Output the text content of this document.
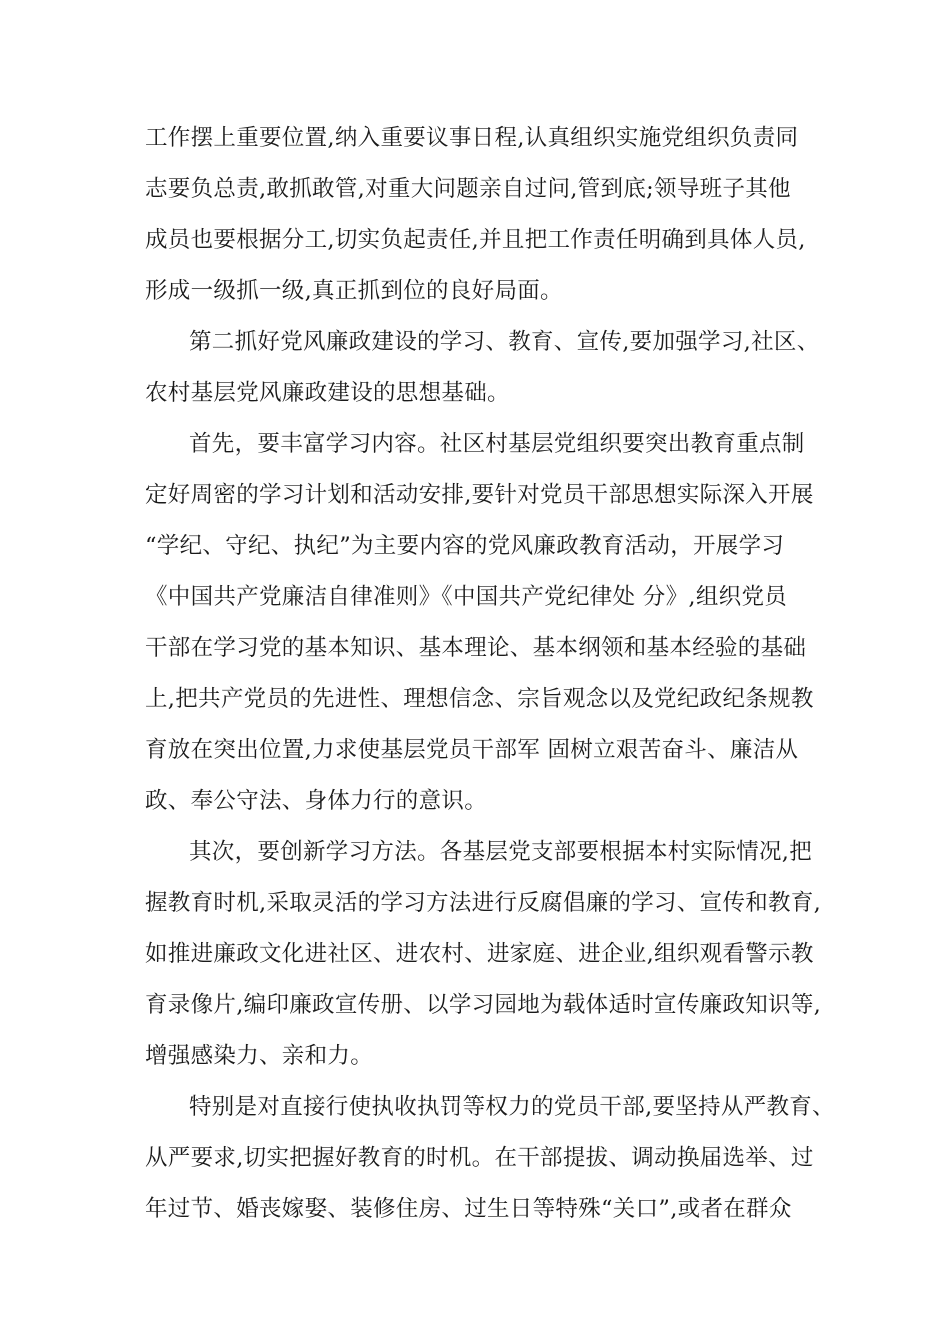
工作摆上重要位置,纳入重要议事日程,认真组织实施党组织负责同
志要负总责,敢抓敢管,对重大问题亲自过问,管到底;领导班子其他
成员也要根据分工,切实负起责任,并且把工作责任明确到具体人员,
形成一级抓一级,真正抓到位的良好局面。
第二抓好党风廉政建设的学习、教育、宣传,要加强学习,社区、
农村基层党风廉政建设的思想基础。
首先，要丰富学习内容。社区村基层党组织要突出教育重点制
定好周密的学习计划和活动安排,要针对党员干部思想实际深入开展
“学纪、守纪、执纪”为主要内容的党风廉政教育活动，开展学习
《中国共产党廉洁自律准则》《中国共产党纪律处 分》,组织党员
干部在学习党的基本知识、基本理论、基本纲领和基本经验的基础
上,把共产党员的先进性、理想信念、宗旨观念以及党纪政纪条规教
育放在突出位置,力求使基层党员干部军 固树立艰苦奋斗、廉洁从
政、奉公守法、身体力行的意识。
其次，要创新学习方法。各基层党支部要根据本村实际情况,把
握教育时机,采取灵活的学习方法进行反腐倡廉的学习、宣传和教育,
如推进廉政文化进社区、进农村、进家庭、进企业,组织观看警示教
育录像片,编印廉政宣传册、以学习园地为载体适时宣传廉政知识等,
增强感染力、亲和力。
特别是对直接行使执收执罚等权力的党员干部,要坚持从严教育、
从严要求,切实把握好教育的时机。在干部提拔、调动换届选举、过
年过节、婚丧嫁娶、装修住房、过生日等特殊“关口”,或者在群众
